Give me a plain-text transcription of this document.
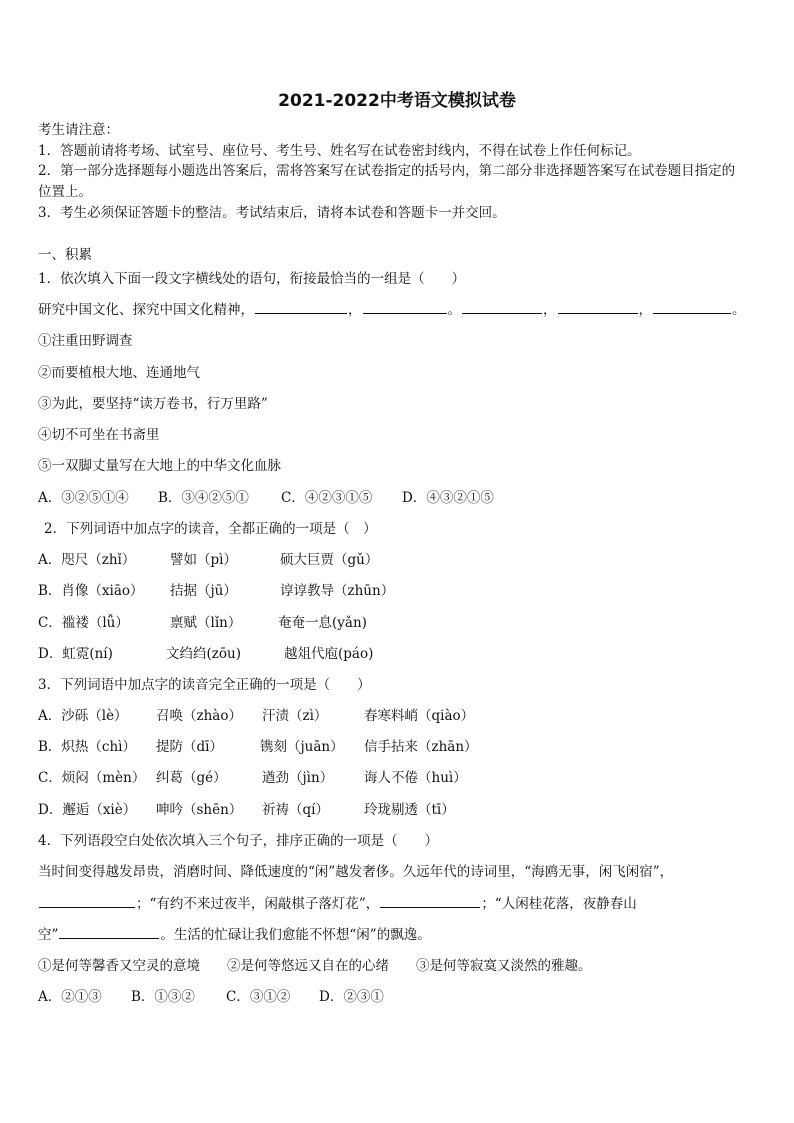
2021-2022中考语文模拟试卷
考生请注意：
1．答题前请将考场、试室号、座位号、考生号、姓名写在试卷密封线内，不得在试卷上作任何标记。
2．第一部分选择题每小题选出答案后，需将答案写在试卷指定的括号内，第二部分非选择题答案写在试卷题目指定的
位置上。
3．考生必须保证答题卡的整洁。考试结束后，请将本试卷和答题卡一并交回。
一、积累
1．依次填入下面一段文字横线处的语句，衔接最恰当的一组是（　　）
研究中国文化、探究中国文化精神，	，	。	，	，	。
①注重田野调查
②而要植根大地、连通地气
③为此，要坚持“读万卷书，行万里路”
④切不可坐在书斋里
⑤一双脚丈量写在大地上的中华文化血脉
A．③②⑤①④ B．③④②⑤① C．④②③①⑤ D．④③②①⑤
2．下列词语中加点字的读音，全都正确的一项是（　）
A．咫尺（zhǐ）	譬如（pì）	硕大巨贾（gǔ）
B．肖像（xiāo） 拮据（jū）	谆谆教导（zhūn）
C．褴褛（lǚ）	禀赋（lǐn）	奄奄一息(yǎn)
D．虹霓(ní)	文绉绉(zōu)	越俎代庖(páo)
3．下列词语中加点字的读音完全正确的一项是（　　）
A．沙砾（lè） 召唤（zhào） 汗渍（zì）	春寒料峭（qiào）
B．炽热（chì） 提防（dī）	镌刻（juān） 信手拈来（zhān）
C．烦闷（mèn） 纠葛（gé）	遒劲（jìn） 诲人不倦（huì）
D．邂逅（xiè） 呻吟（shēn） 祈祷（qí）	玲珑剔透（tī）
4．下列语段空白处依次填入三个句子，排序正确的一项是（　　）
当时间变得越发昂贵，消磨时间、降低速度的“闲”越发奢侈。久远年代的诗词里，“海鸥无事，闲飞闲宿”，
；“有约不来过夜半，闲敲棋子落灯花”，	；“人闲桂花落，夜静春山
空”	。生活的忙碌让我们愈能不怀想“闲”的飘逸。
①是何等馨香又空灵的意境　　②是何等悠远又自在的心绪　　③是何等寂寞又淡然的雅趣。
A．②①③ B．①③② C．③①② D．②③①
